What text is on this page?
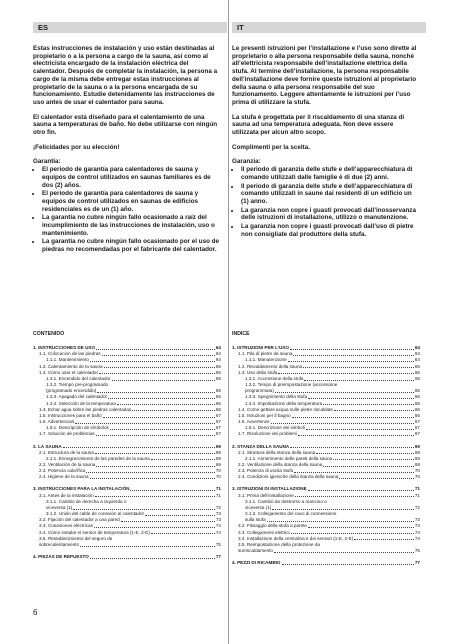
ES	IT

Estas instrucciones de instalación y uso están destinadas al propietario o a la persona a cargo de la sauna, así como al electricista encargado de la instalación eléctrica del calentador. Después de completar la instalación, la persona a cargo de la misma debe entregar estas instrucciones al propietario de la sauna o a la persona encargada de su funcionamiento. Estudie detenidamente las instrucciones de uso antes de usar el calentador para sauna.

El calentador está diseñado para el calentamiento de una sauna a temperaturas de baño. No debe utilizarse con ningún otro fin.

¡Felicidades por su elección!

Garantía:
• El periodo de garantía para calentadores de sauna y equipos de control utilizados en saunas familiares es de dos (2) años.
• El periodo de garantía para calentadores de sauna y equipos de control utilizados en saunas de edificios residenciales es de un (1) año.
• La garantía no cubre ningún fallo ocasionado a raíz del incumplimiento de las instrucciones de instalación, uso o mantenimiento.
• La garantía no cubre ningún fallo ocasionado por el uso de piedras no recomendadas por el fabricante del calentador.

Le presenti istruzioni per l’installazione e l’uso sono dirette al proprietario o alla persona responsabile della sauna, nonché all’elettricista responsabile dell’installazione elettrica della stufa. Al termine dell’installazione, la persona responsabile dell’installazione deve fornire queste istruzioni al proprietario della sauna o alla persona responsabile del suo funzionamento. Leggere attentamente le istruzioni per l’uso prima di utilizzare la stufa.

La stufa è progettata per il riscaldamento di una stanza di sauna ad una temperatura adeguata. Non deve essere utilizzata per alcun altro scopo.

Complimenti per la scelta.

Garanzia:
• Il periodo di garanzia delle stufe e dell’apparecchiatura di comando utilizzati dalle famiglie è di due (2) anni.
• Il periodo di garanzia delle stufe e dell’apparecchiatura di comando utilizzati in saune dai residenti di un edificio un (1) anno.
• La garanzia non copre i guasti provocati dall’inosservanza delle istruzioni di installazione, utilizzo o manutenzione.
• La garanzia non copre i guasti provocati dall’uso di pietre non consigliate dal produttore della stufa.
CONTENIDO
1. INSTRUCCIONES DE USO	64
1.1. Colocacion de las piedras	64
1.1.1. Mantenimiento	64
1.2. Calentamiento de la sauna	65
1.3. Cómo usar el calentador	65
1.3.1. Encendido del calentador	65
1.3.2. Tiempo pre-programado
(programado encendido)	65
1.3.3. Apagado del calentador	66
1.3.4. Selección de la temperatura	66
1.4. Echar agua sobre las piedras calentadas	66
1.5. Instrucciones para el baño	67
1.6. Advertencias	67
1.6.1. Descripción de símbolos	67
1.7. Solución de problemas	67
2. LA SAUNA	69
2.1. Estructura de la sauna	69
2.1.1. Ennegrecimiento de las paredes de la sauna	69
2.2. Ventilación de la sauna	69
2.3. Potencia calorífica	70
2.4. Higiene de la sauna	70
3. INSTRUCCIONES PARA LA INSTALACIÓN	71
3.1. Antes de la instalación	71
3.1.1. Cambio de derecha a izquierda o
viceversa (1)	72
3.1.2. Unión del cable de conexión al calentador	73
3.2. Fijación del calentador a una pared	73
3.3. Conexiones eléctricas	74
3.4. Cómo instalar el sensor de temperatura (1-E, 2-E)	74
3.5. Restablecimiento del seguro de
sobrecalentamiento	75
4. PIEZAS DE REPUESTO	77
INDICE
1. ISTRUZIONI PER L’USO	64
1.1. Pila di pietre da sauna	64
1.1.1. Manutenzione	64
1.2. Riscaldamento della sauna	65
1.3. Uso della stufa	65
1.3.1. Accensione della stufa	65
1.3.2. Tempo di preimpostazione (accensione
programmata)	65
1.3.3. Spegnimento della stufa	66
1.3.4. Impostazione della temperatura	66
1.4. Come gettare acqua sulle pietre riscaldate	66
1.5. Istruzioni per il bagno	66
1.6. Avvertenze	67
1.6.1. Descrizione dei simboli	67
1.7. Risoluzione dei problemi	67
2. STANZA DELLA SAUNA	69
2.1. Struttura della stanza della sauna	69
2.1.1. Annerimento delle pareti della sauna	69
2.2. Ventilazione della stanza della sauna	69
2.3. Potenza di uscita stufa	70
2.4. Condizioni igieniche della stanza della sauna	70
3. ISTRUZIONI DI INSTALLAZIONE	71
3.1. Prima dell’installazione	71
3.1.1. Cambio da destrorso a mancino o
viceversa (1)	72
3.1.2. Collegamento del cavo di connessione
sulla stufa	73
3.2. Fissaggio della stufa a parete	73
3.3. Collegamenti elettrici	74
3.4. Installazione della centralina e dei sensori (1-E, 2-E)	74
3.5. Reimpostazione della protezione da
surriscaldamento	75
4. PEZZI DI RICAMBIO	77
6
